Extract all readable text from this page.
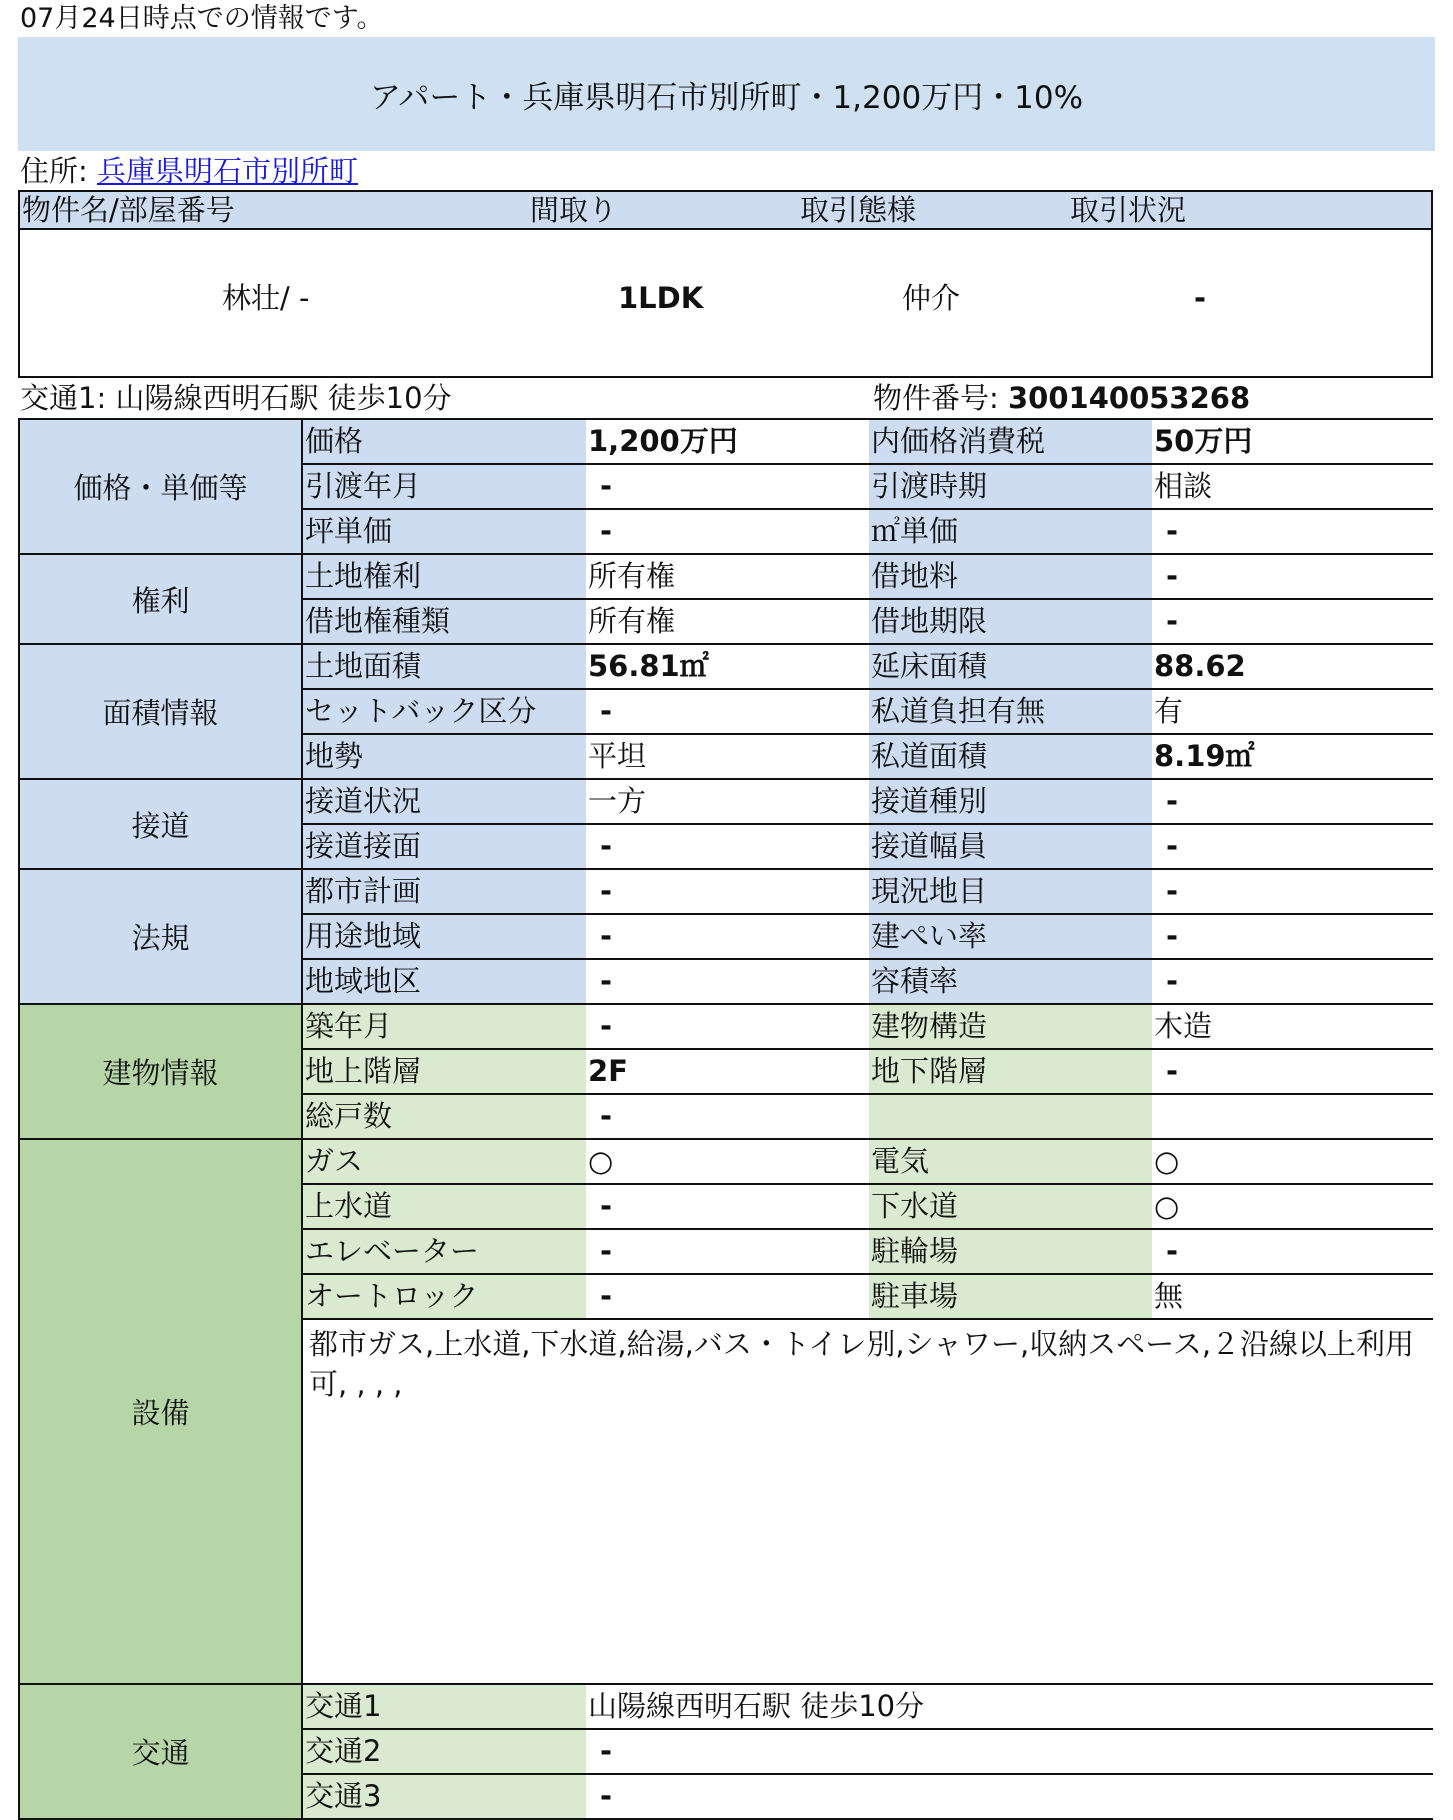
07月24日時点での情報です。
アパート・兵庫県明石市別所町・1,200万円・10%
住所: 兵庫県明石市別所町
物件名/部屋番号	間取り	取引態様	取引状況
林壮/ -	1LDK	仲介	-
交通1: 山陽線西明石駅 徒歩10分	物件番号: 300140053268
価格・単価等
価格	1,200万円	内価格消費税	50万円
引渡年月	-	引渡時期	相談
坪単価	-	㎡単価	-
権利
土地権利	所有権	借地料	-
借地権種類	所有権	借地期限	-
面積情報
土地面積	56.81㎡	延床面積	88.62
セットバック区分	-	私道負担有無	有
地勢	平坦	私道面積	8.19㎡
接道
接道状況	一方	接道種別	-
接道接面	-	接道幅員	-
法規
都市計画	-	現況地目	-
用途地域	-	建ぺい率	-
地域地区	-	容積率	-
建物情報
築年月	-	建物構造	木造
地上階層	2F	地下階層	-
総戸数	-
設備
ガス	○	電気	○
上水道	-	下水道	○
エレベーター	-	駐輪場	-
オートロック	-	駐車場	無
都市ガス,上水道,下水道,給湯,バス・トイレ別,シャワー,収納スペース,２沿線以上利用可, , , ,
交通
交通1	山陽線西明石駅 徒歩10分
交通2	-
交通3	-
